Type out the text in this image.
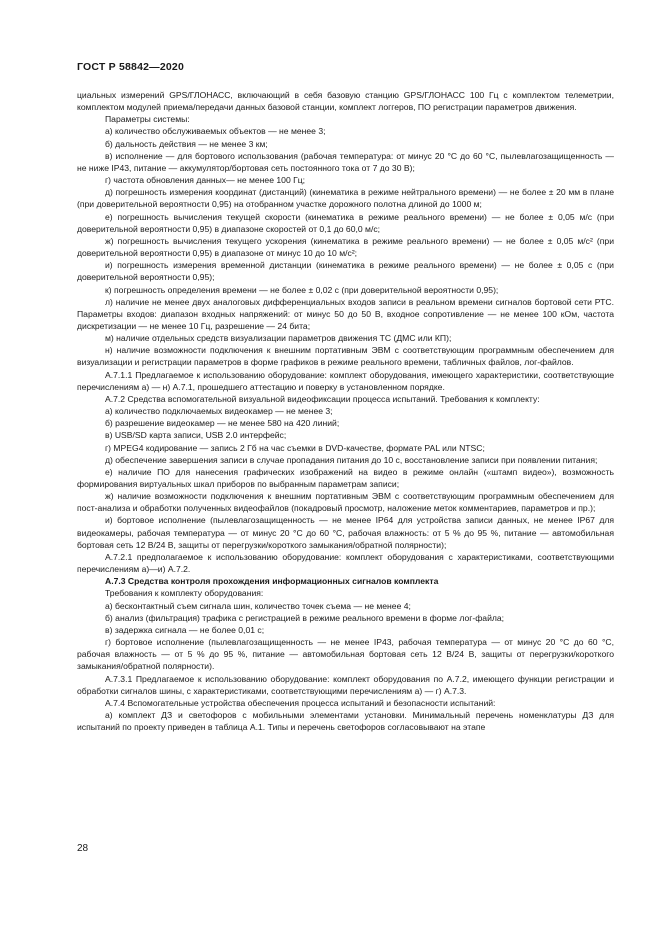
ГОСТ Р 58842—2020

циальных измерений GPS/ГЛОНАСС, включающий в себя базовую станцию GPS/ГЛОНАСС 100 Гц с комплектом телеметрии, комплектом модулей приема/передачи данных базовой станции, комплект логгеров, ПО регистрации параметров движения.

Параметры системы:

а) количество обслуживаемых объектов — не менее 3;

б) дальность действия — не менее 3 км;

в) исполнение — для бортового использования (рабочая температура: от минус 20 °С до 60 °С, пылевлагозащищенность — не ниже IP43, питание — аккумулятор/бортовая сеть постоянного тока от 7 до 30 В);

г) частота обновления данных— не менее 100 Гц;

д) погрешность измерения координат (дистанций) (кинематика в режиме нейтрального времени) — не более ± 20 мм в плане (при доверительной вероятности 0,95) на отобранном участке дорожного полотна длиной до 1000 м;

е) погрешность вычисления текущей скорости (кинематика в режиме реального времени) — не более ± 0,05 м/с (при доверительной вероятности 0,95) в диапазоне скоростей от 0,1 до 60,0 м/с;

ж) погрешность вычисления текущего ускорения (кинематика в режиме реального времени) — не более ± 0,05 м/с² (при доверительной вероятности 0,95) в диапазоне от минус 10 до 10 м/с²;

и) погрешность измерения временной дистанции (кинематика в режиме реального времени) — не более ± 0,05 с (при доверительной вероятности 0,95);

к) погрешность определения времени — не более ± 0,02 с (при доверительной вероятности 0,95);

л) наличие не менее двух аналоговых дифференциальных входов записи в реальном времени сигналов бортовой сети РТС. Параметры входов: диапазон входных напряжений: от минус 50 до 50 В, входное сопротивление — не менее 100 кОм, частота дискретизации — не менее 10 Гц, разрешение — 24 бита;

м) наличие отдельных средств визуализации параметров движения ТС (ДМС или КП);

н) наличие возможности подключения к внешним портативным ЭВМ с соответствующим программным обеспечением для визуализации и регистрации параметров в форме графиков в режиме реального времени, табличных файлов, лог-файлов.

А.7.1.1 Предлагаемое к использованию оборудование: комплект оборудования, имеющего характеристики, соответствующие перечислениям а) — н) А.7.1, прошедшего аттестацию и поверку в установленном порядке.

А.7.2 Средства вспомогательной визуальной видеофиксации процесса испытаний. Требования к комплекту:

а) количество подключаемых видеокамер — не менее 3;

б) разрешение видеокамер — не менее 580 на 420 линий;

в) USB/SD карта записи, USB 2.0 интерфейс;

г) MPEG4 кодирование — запись 2 Гб на час съемки в DVD-качестве, формате PAL или NTSC;

д) обеспечение завершения записи в случае пропадания питания до 10 с, восстановление записи при появлении питания;

е) наличие ПО для нанесения графических изображений на видео в режиме онлайн («штамп видео»), возможность формирования виртуальных шкал приборов по выбранным параметрам записи;

ж) наличие возможности подключения к внешним портативным ЭВМ с соответствующим программным обеспечением для пост-анализа и обработки полученных видеофайлов (покадровый просмотр, наложение меток комментариев, параметров и пр.);

и) бортовое исполнение (пылевлагозащищенность — не менее IP64 для устройства записи данных, не менее IP67 для видеокамеры, рабочая температура — от минус 20 °С до 60 °С, рабочая влажность: от 5 % до 95 %, питание — автомобильная бортовая сеть 12 В/24 В, защиты от перегрузки/короткого замыкания/обратной полярности);

А.7.2.1 предполагаемое к использованию оборудование: комплект оборудования с характеристиками, соответствующими перечислениям а)—и) А.7.2.

А.7.3 Средства контроля прохождения информационных сигналов комплекта

Требования к комплекту оборудования:

а) бесконтактный съем сигнала шин, количество точек съема — не менее 4;

б) анализ (фильтрация) трафика с регистрацией в режиме реального времени в форме лог-файла;

в) задержка сигнала — не более 0,01 с;

г) бортовое исполнение (пылевлагозащищенность — не менее IP43, рабочая температура — от минус 20 °С до 60 °С, рабочая влажность — от 5 % до 95 %, питание — автомобильная бортовая сеть 12 В/24 В, защиты от перегрузки/короткого замыкания/обратной полярности).

А.7.3.1 Предлагаемое к использованию оборудование: комплект оборудования по А.7.2, имеющего функции регистрации и обработки сигналов шины, с характеристиками, соответствующими перечислениям а) — г) А.7.3.

А.7.4 Вспомогательные устройства обеспечения процесса испытаний и безопасности испытаний:

а) комплект ДЗ и светофоров с мобильными элементами установки. Минимальный перечень номенклатуры ДЗ для испытаний по проекту приведен в таблица А.1. Типы и перечень светофоров согласовывают на этапе

28
